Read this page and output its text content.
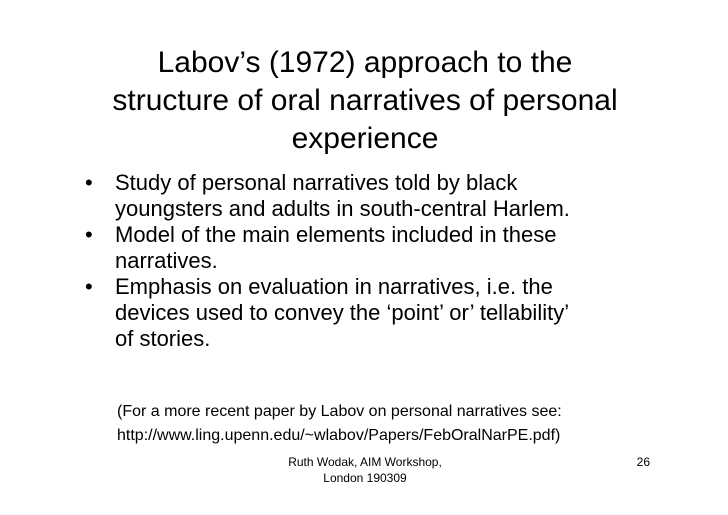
Labov’s (1972) approach to the
structure of oral narratives of personal
experience
•	Study of personal narratives told by black
youngsters and adults in south-central Harlem.
•	Model of the main elements included in these
narratives.
•	Emphasis on evaluation in narratives, i.e. the
devices used to convey the ‘point’ or’ tellability’
of stories.
(For a more recent paper by Labov on personal narratives see:
http://www.ling.upenn.edu/~wlabov/Papers/FebOralNarPE.pdf)
Ruth Wodak, AIM Workshop,
London 190309
26
